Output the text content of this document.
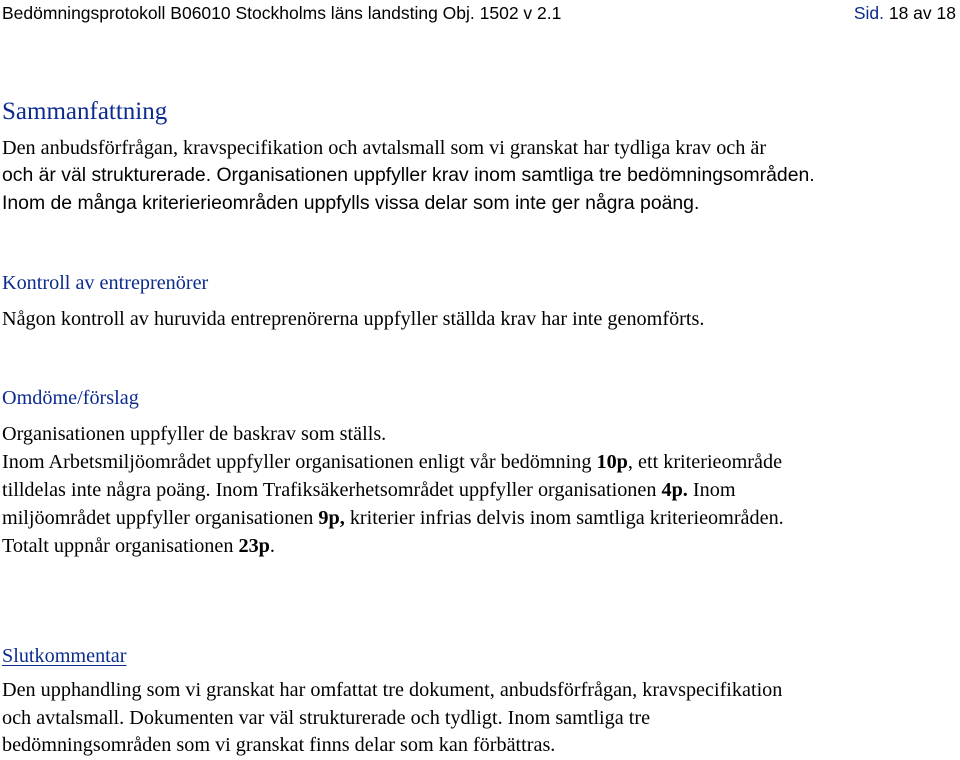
Bedömningsprotokoll B06010 Stockholms läns landsting Obj. 1502 v 2.1	Sid. 18 av 18
Sammanfattning
Den anbudsförfrågan, kravspecifikation och avtalsmall som vi granskat har tydliga krav och är
och är väl strukturerade. Organisationen uppfyller krav inom samtliga tre bedömningsområden.
Inom de många kriterierieområden uppfylls vissa delar som inte ger några poäng.
Kontroll av entreprenörer
Någon kontroll av huruvida entreprenörerna uppfyller ställda krav har inte genomförts.
Omdöme/förslag
Organisationen uppfyller de baskrav som ställs.
Inom Arbetsmiljöområdet uppfyller organisationen enligt vår bedömning 10p, ett kriterieområde
tilldelas inte några poäng. Inom Trafiksäkerhetsområdet uppfyller organisationen 4p. Inom
miljöområdet uppfyller organisationen 9p, kriterier infrias delvis inom samtliga kriterieområden.
Totalt uppnår organisationen 23p.
Slutkommentar
Den upphandling som vi granskat har omfattat tre dokument, anbudsförfrågan, kravspecifikation
och avtalsmall. Dokumenten var väl strukturerade och tydligt. Inom samtliga tre
bedömningsområden som vi granskat finns delar som kan förbättras.
